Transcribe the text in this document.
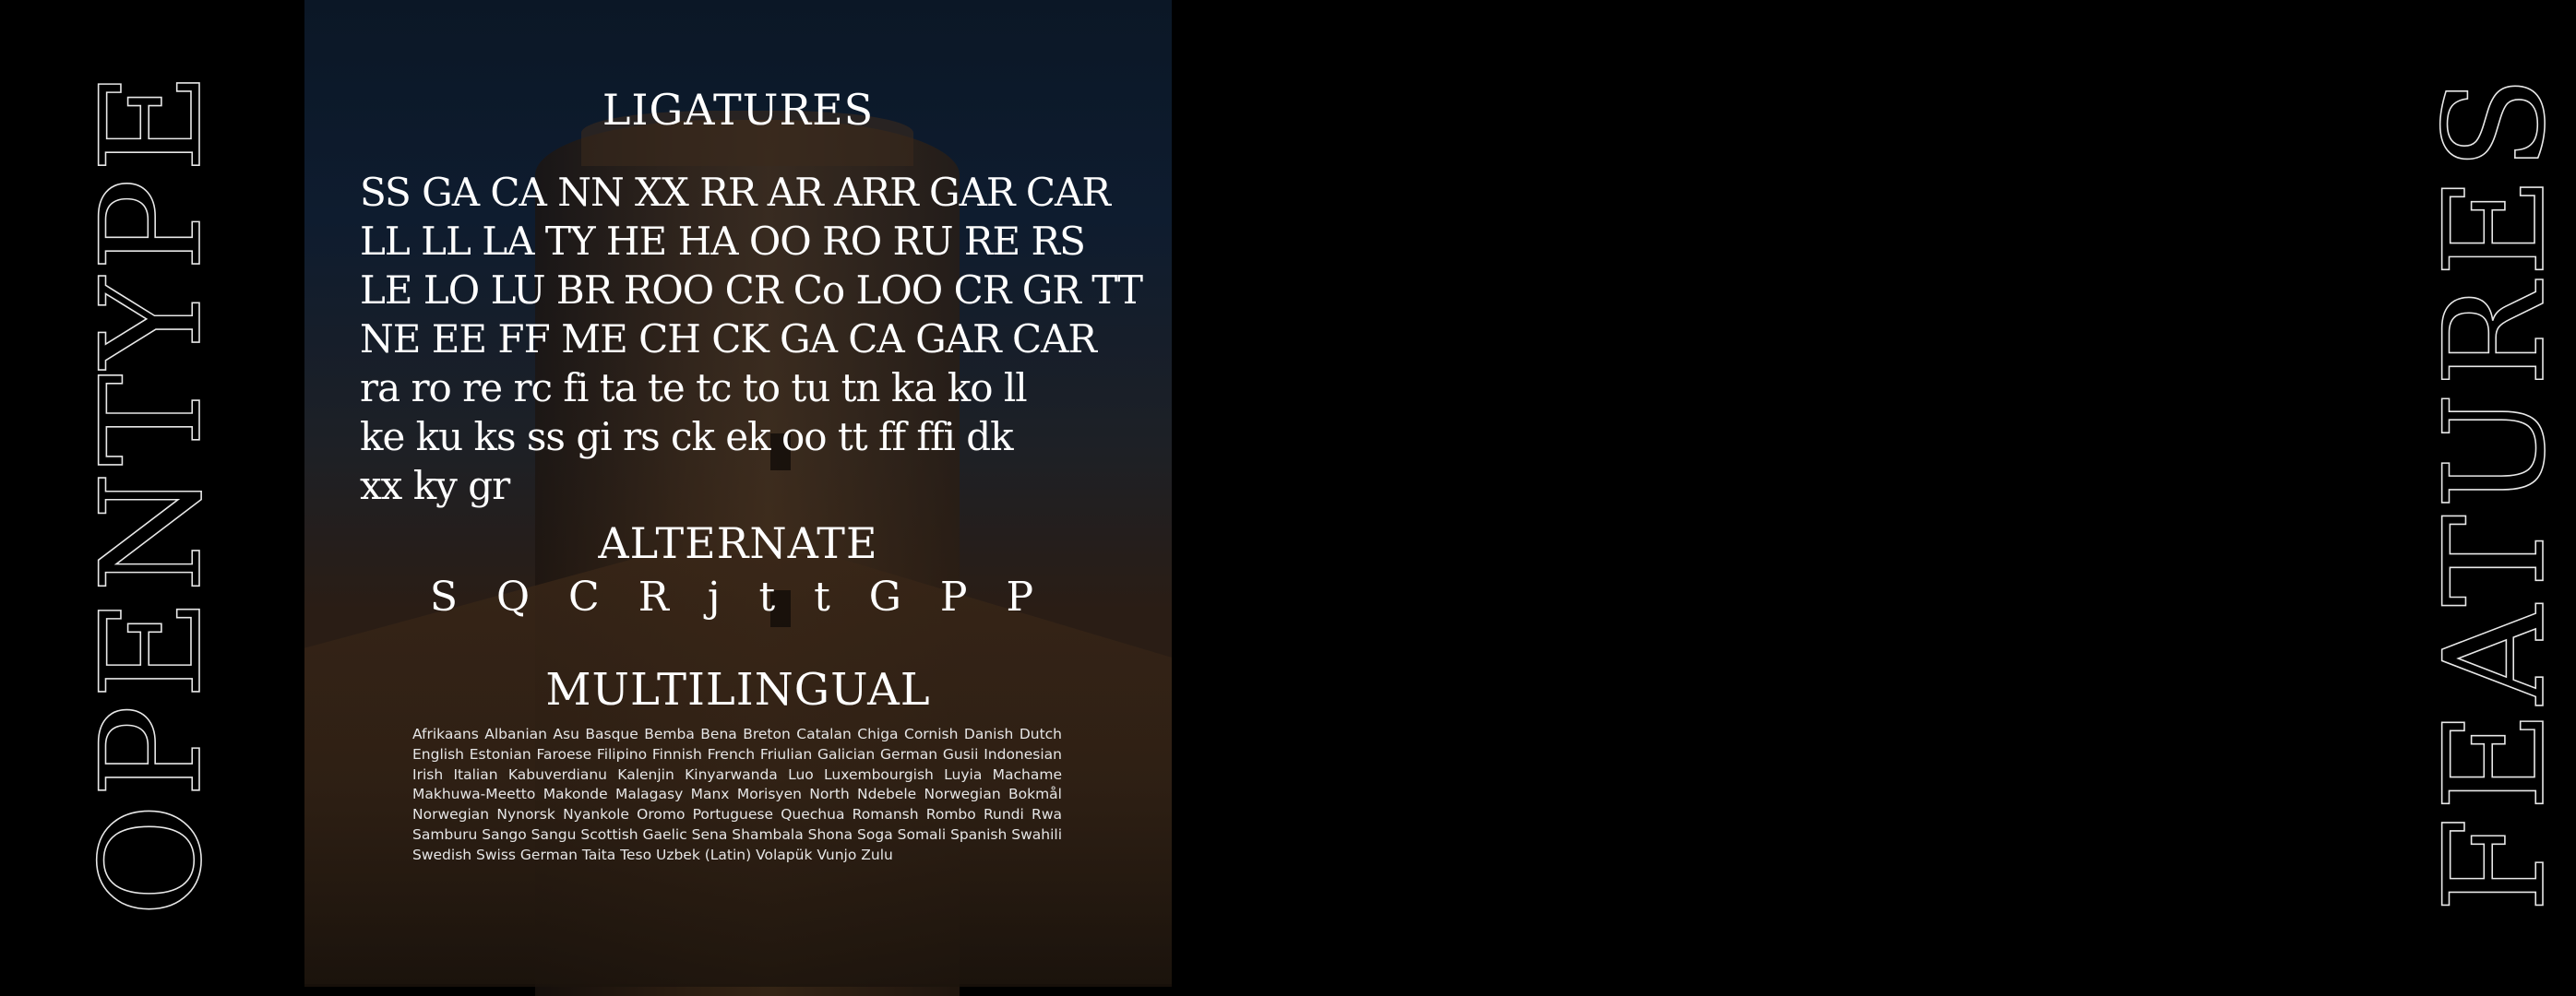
OPENTYPE	LIGATURES
SS GA CA NN XX RR AR ARR GAR CAR
LL LL LA TY HE HA OO RO RU RE RS
LE LO LU BR ROO CR Co LOO CR GR TT
NE EE FF ME CH CK GA CA GAR CAR
ra ro re rc fi ta te tc to tu tn ka ko ll
ke ku ks ss gi rs ck ek oo tt ff ffi dk
xx ky gr
ALTERNATE
S Q C R j t t G P P
MULTILINGUAL
Afrikaans Albanian Asu Basque Bemba Bena Breton Catalan Chiga Cornish Danish Dutch English Estonian Faroese Filipino Finnish French Friulian Galician German Gusii Indonesian Irish Italian Kabuverdianu Kalenjin Kinyarwanda Luo Luxembourgish Luyia Machame Makhuwa-Meetto Makonde Malagasy Manx Morisyen North Ndebele Norwegian Bokmål Norwegian Nynorsk Nyankole Oromo Portuguese Quechua Romansh Rombo Rundi Rwa Samburu Sango Sangu Scottish Gaelic Sena Shambala Shona Soga Somali Spanish Swahili Swedish Swiss German Taita Teso Uzbek (Latin) Volapük Vunjo Zulu	FEATURES
